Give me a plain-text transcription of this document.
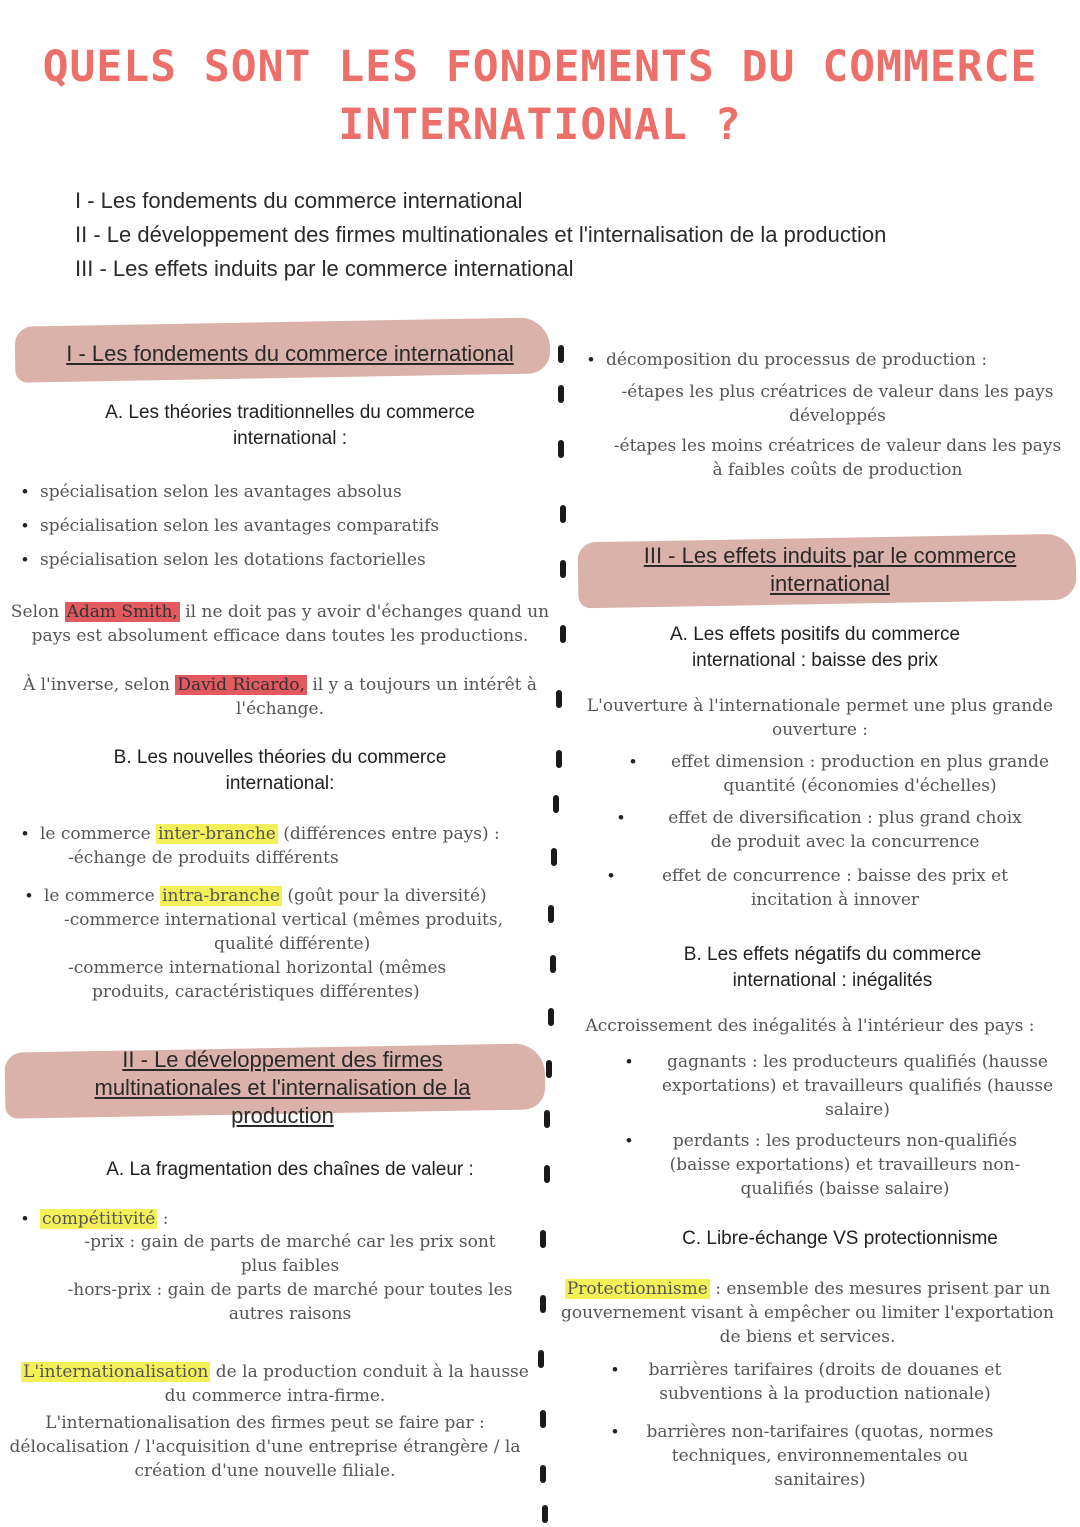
QUELS SONT LES FONDEMENTS DU COMMERCE
INTERNATIONAL ?
I - Les fondements du commerce international
II - Le développement des firmes multinationales et l'internalisation de la production
III - Les effets induits par le commerce international
I - Les fondements du commerce international
A. Les théories traditionnelles du commerce
international :
• spécialisation selon les avantages absolus
• spécialisation selon les avantages comparatifs
• spécialisation selon les dotations factorielles
Selon Adam Smith, il ne doit pas y avoir d'échanges quand un
pays est absolument efficace dans toutes les productions.
À l'inverse, selon David Ricardo, il y a toujours un intérêt à
l'échange.
B. Les nouvelles théories du commerce
international:
• le commerce inter-branche (différences entre pays) :
-échange de produits différents
• le commerce intra-branche (goût pour la diversité)
-commerce international vertical (mêmes produits,
qualité différente)
-commerce international horizontal (mêmes
produits, caractéristiques différentes)
II - Le développement des firmes
multinationales et l'internalisation de la
production
A. La fragmentation des chaînes de valeur :
• compétitivité :
-prix : gain de parts de marché car les prix sont
plus faibles
-hors-prix : gain de parts de marché pour toutes les
autres raisons
L'internationalisation de la production conduit à la hausse
du commerce intra-firme.
L'internationalisation des firmes peut se faire par :
délocalisation / l'acquisition d'une entreprise étrangère / la
création d'une nouvelle filiale.
• décomposition du processus de production :
-étapes les plus créatrices de valeur dans les pays
développés
-étapes les moins créatrices de valeur dans les pays
à faibles coûts de production
III - Les effets induits par le commerce
international
A. Les effets positifs du commerce
international : baisse des prix
L'ouverture à l'internationale permet une plus grande
ouverture :
•	effet dimension : production en plus grande
quantité (économies d'échelles)
•	effet de diversification : plus grand choix
de produit avec la concurrence
•	effet de concurrence : baisse des prix et
incitation à innover
B. Les effets négatifs du commerce
international : inégalités
Accroissement des inégalités à l'intérieur des pays :
•	gagnants : les producteurs qualifiés (hausse
exportations) et travailleurs qualifiés (hausse
salaire)
•	perdants : les producteurs non-qualifiés
(baisse exportations) et travailleurs non-
qualifiés (baisse salaire)
C. Libre-échange VS protectionnisme
Protectionnisme : ensemble des mesures prisent par un
gouvernement visant à empêcher ou limiter l'exportation
de biens et services.
•	barrières tarifaires (droits de douanes et
subventions à la production nationale)
•	barrières non-tarifaires (quotas, normes
techniques, environnementales ou
sanitaires)
